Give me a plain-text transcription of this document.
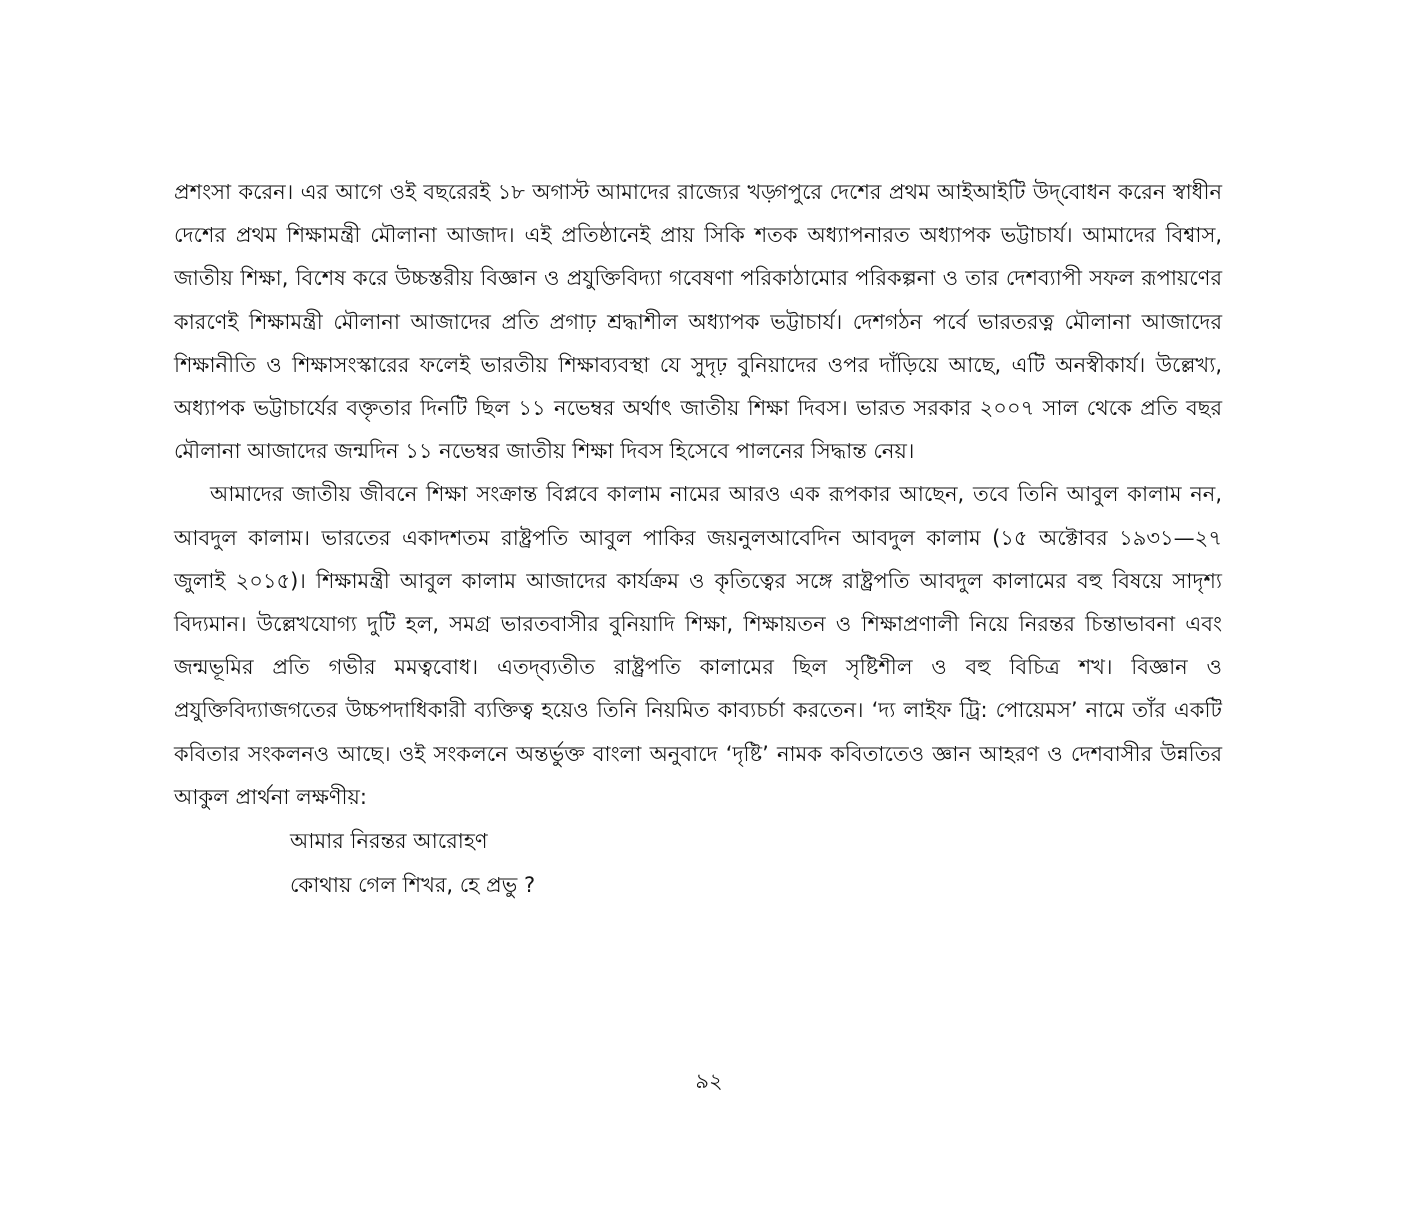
প্রশংসা করেন। এর আগে ওই বছরেরই ১৮ অগাস্ট আমাদের রাজ্যের খড়্গপুরে দেশের প্রথম আইআইটি উদ্‌বোধন করেন স্বাধীন দেশের প্রথম শিক্ষামন্ত্রী মৌলানা আজাদ। এই প্রতিষ্ঠানেই প্রায় সিকি শতক অধ্যাপনারত অধ্যাপক ভট্টাচার্য। আমাদের বিশ্বাস, জাতীয় শিক্ষা, বিশেষ করে উচ্চস্তরীয় বিজ্ঞান ও প্রযুক্তিবিদ্যা গবেষণা পরিকাঠামোর পরিকল্পনা ও তার দেশব্যাপী সফল রূপায়ণের কারণেই শিক্ষামন্ত্রী মৌলানা আজাদের প্রতি প্রগাঢ় শ্রদ্ধাশীল অধ্যাপক ভট্টাচার্য। দেশগঠন পর্বে ভারতরত্ন মৌলানা আজাদের শিক্ষানীতি ও শিক্ষাসংস্কারের ফলেই ভারতীয় শিক্ষাব্যবস্থা যে সুদৃঢ় বুনিয়াদের ওপর দাঁড়িয়ে আছে, এটি অনস্বীকার্য। উল্লেখ্য, অধ্যাপক ভট্টাচার্যের বক্তৃতার দিনটি ছিল ১১ নভেম্বর অর্থাৎ জাতীয় শিক্ষা দিবস। ভারত সরকার ২০০৭ সাল থেকে প্রতি বছর মৌলানা আজাদের জন্মদিন ১১ নভেম্বর জাতীয় শিক্ষা দিবস হিসেবে পালনের সিদ্ধান্ত নেয়।

আমাদের জাতীয় জীবনে শিক্ষা সংক্রান্ত বিপ্লবে কালাম নামের আরও এক রূপকার আছেন, তবে তিনি আবুল কালাম নন, আবদুল কালাম। ভারতের একাদশতম রাষ্ট্রপতি আবুল পাকির জয়নুলআবেদিন আবদুল কালাম (১৫ অক্টোবর ১৯৩১—২৭ জুলাই ২০১৫)। শিক্ষামন্ত্রী আবুল কালাম আজাদের কার্যক্রম ও কৃতিত্বের সঙ্গে রাষ্ট্রপতি আবদুল কালামের বহু বিষয়ে সাদৃশ্য বিদ্যমান। উল্লেখযোগ্য দুটি হল, সমগ্র ভারতবাসীর বুনিয়াদি শিক্ষা, শিক্ষায়তন ও শিক্ষাপ্রণালী নিয়ে নিরন্তর চিন্তাভাবনা এবং জন্মভূমির প্রতি গভীর মমত্ববোধ। এতদ্‌ব্যতীত রাষ্ট্রপতি কালামের ছিল সৃষ্টিশীল ও বহু বিচিত্র শখ। বিজ্ঞান ও প্রযুক্তিবিদ্যাজগতের উচ্চপদাধিকারী ব্যক্তিত্ব হয়েও তিনি নিয়মিত কাব্যচর্চা করতেন। ‘দ্য লাইফ ট্রি: পোয়েমস’ নামে তাঁর একটি কবিতার সংকলনও আছে। ওই সংকলনে অন্তর্ভুক্ত বাংলা অনুবাদে ‘দৃষ্টি’ নামক কবিতাতেও জ্ঞান আহরণ ও দেশবাসীর উন্নতির আকুল প্রার্থনা লক্ষণীয়:

আমার নিরন্তর আরোহণ
কোথায় গেল শিখর, হে প্রভু ?
৯২
